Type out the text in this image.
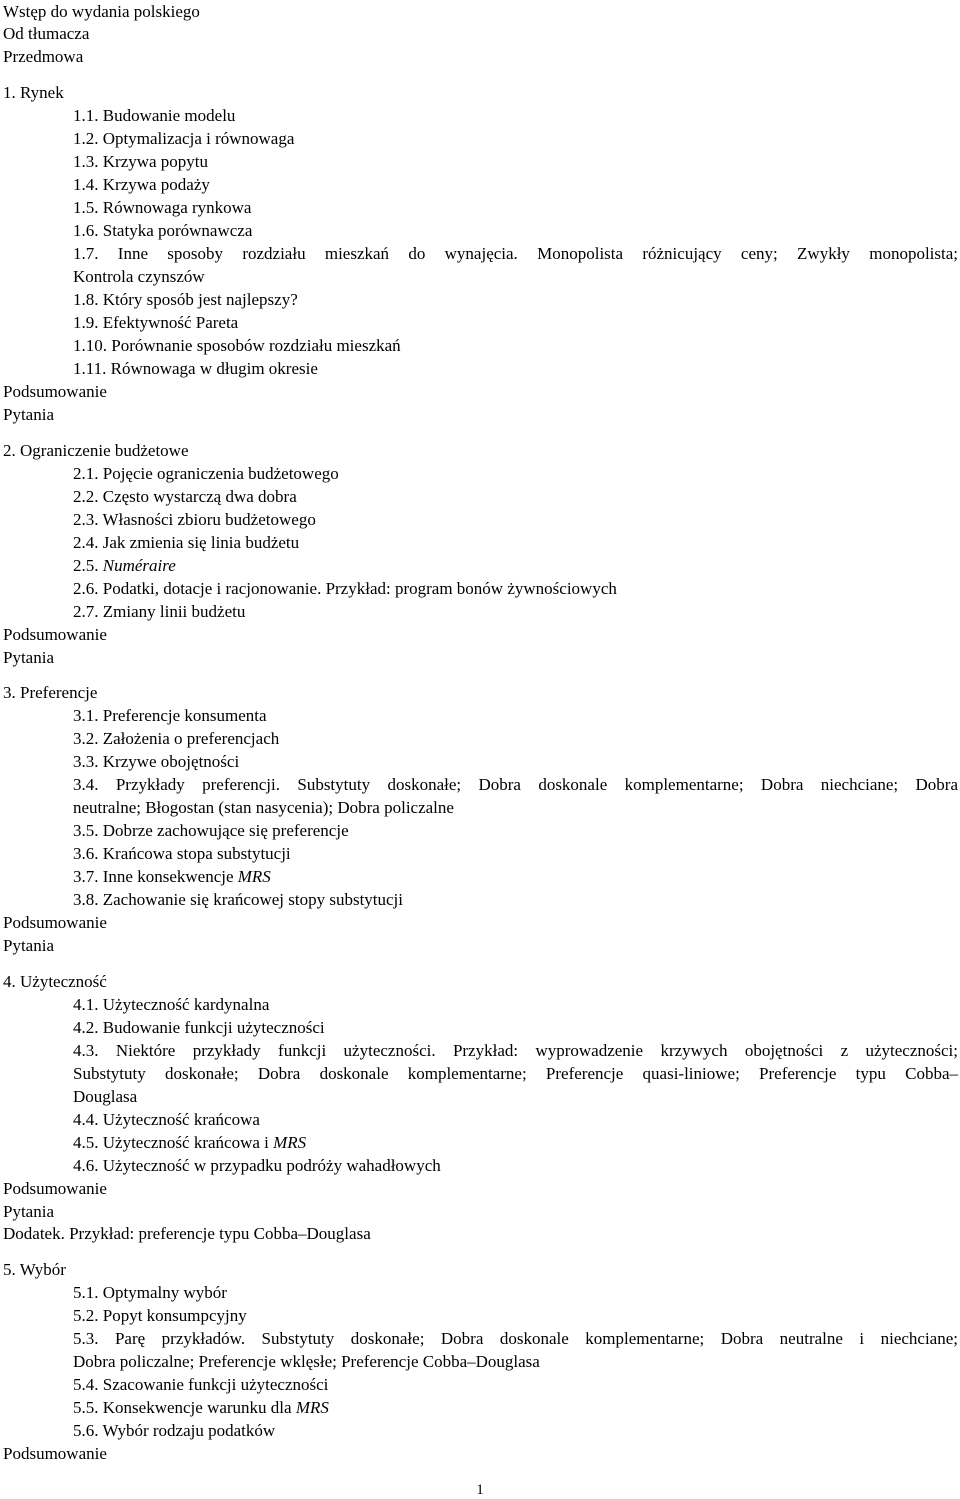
Wstęp do wydania polskiego
Od tłumacza
Przedmowa
1. Rynek
1.1. Budowanie modelu
1.2. Optymalizacja i równowaga
1.3. Krzywa popytu
1.4. Krzywa podaży
1.5. Równowaga rynkowa
1.6. Statyka porównawcza
1.7. Inne sposoby rozdziału mieszkań do wynajęcia. Monopolista różnicujący ceny; Zwykły monopolista;
Kontrola czynszów
1.8. Który sposób jest najlepszy?
1.9. Efektywność Pareta
1.10. Porównanie sposobów rozdziału mieszkań
1.11. Równowaga w długim okresie
Podsumowanie
Pytania
2. Ograniczenie budżetowe
2.1. Pojęcie ograniczenia budżetowego
2.2. Często wystarczą dwa dobra
2.3. Własności zbioru budżetowego
2.4. Jak zmienia się linia budżetu
2.5. Numéraire
2.6. Podatki, dotacje i racjonowanie. Przykład: program bonów żywnościowych
2.7. Zmiany linii budżetu
Podsumowanie
Pytania
3. Preferencje
3.1. Preferencje konsumenta
3.2. Założenia o preferencjach
3.3. Krzywe obojętności
3.4. Przykłady preferencji. Substytuty doskonałe; Dobra doskonale komplementarne; Dobra niechciane; Dobra
neutralne; Błogostan (stan nasycenia); Dobra policzalne
3.5. Dobrze zachowujące się preferencje
3.6. Krańcowa stopa substytucji
3.7. Inne konsekwencje MRS
3.8. Zachowanie się krańcowej stopy substytucji
Podsumowanie
Pytania
4. Użyteczność
4.1. Użyteczność kardynalna
4.2. Budowanie funkcji użyteczności
4.3. Niektóre przykłady funkcji użyteczności. Przykład: wyprowadzenie krzywych obojętności z użyteczności;
Substytuty doskonałe; Dobra doskonale komplementarne; Preferencje quasi-liniowe; Preferencje typu Cobba–
Douglasa
4.4. Użyteczność krańcowa
4.5. Użyteczność krańcowa i MRS
4.6. Użyteczność w przypadku podróży wahadłowych
Podsumowanie
Pytania
Dodatek. Przykład: preferencje typu Cobba–Douglasa
5. Wybór
5.1. Optymalny wybór
5.2. Popyt konsumpcyjny
5.3. Parę przykładów. Substytuty doskonałe; Dobra doskonale komplementarne; Dobra neutralne i niechciane;
Dobra policzalne; Preferencje wklęsłe; Preferencje Cobba–Douglasa
5.4. Szacowanie funkcji użyteczności
5.5. Konsekwencje warunku dla MRS
5.6. Wybór rodzaju podatków
Podsumowanie
1
